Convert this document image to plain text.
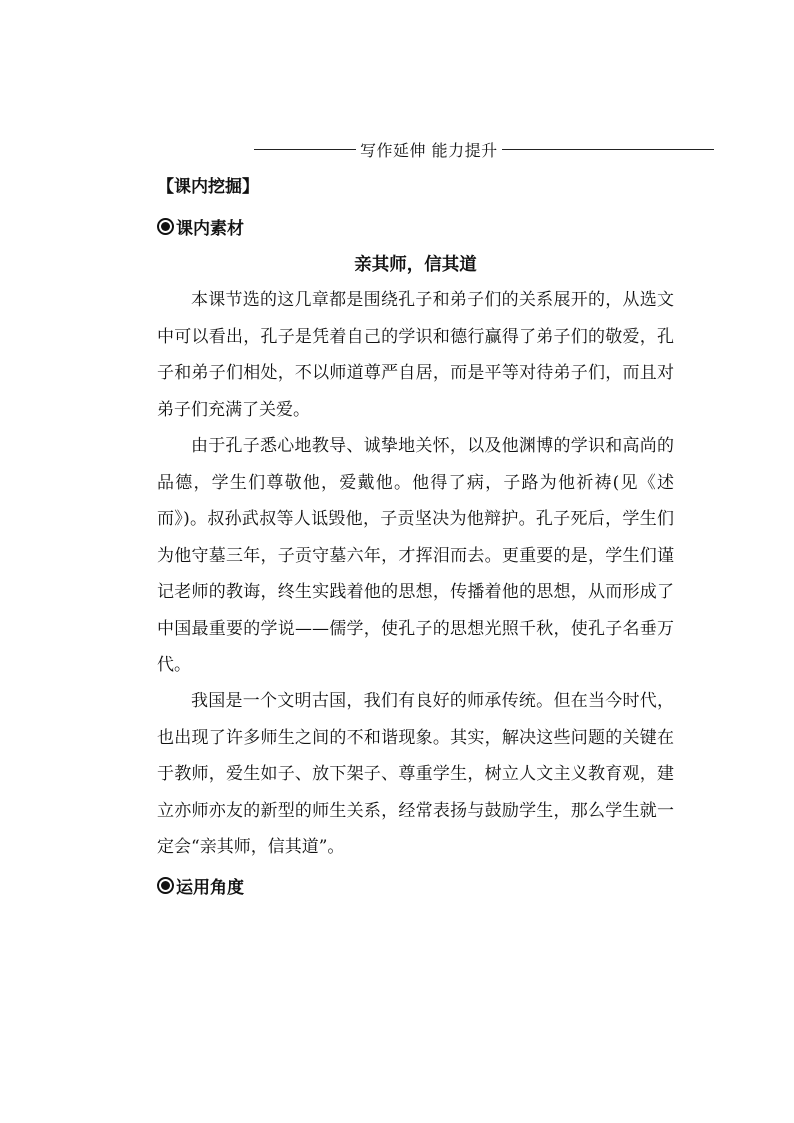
写作延伸 能力提升
【课内挖掘】
课内素材
亲其师，信其道

本课节选的这几章都是围绕孔子和弟子们的关系展开的，从选文中可以看出，孔子是凭着自己的学识和德行赢得了弟子们的敬爱，孔子和弟子们相处，不以师道尊严自居，而是平等对待弟子们，而且对弟子们充满了关爱。

由于孔子悉心地教导、诚挚地关怀，以及他渊博的学识和高尚的品德，学生们尊敬他，爱戴他。他得了病，子路为他祈祷(见《述而》)。叔孙武叔等人诋毁他，子贡坚决为他辩护。孔子死后，学生们为他守墓三年，子贡守墓六年，才挥泪而去。更重要的是，学生们谨记老师的教诲，终生实践着他的思想，传播着他的思想，从而形成了中国最重要的学说——儒学，使孔子的思想光照千秋，使孔子名垂万代。

我国是一个文明古国，我们有良好的师承传统。但在当今时代，也出现了许多师生之间的不和谐现象。其实，解决这些问题的关键在于教师，爱生如子、放下架子、尊重学生，树立人文主义教育观，建立亦师亦友的新型的师生关系，经常表扬与鼓励学生，那么学生就一定会“亲其师，信其道”。

运用角度
